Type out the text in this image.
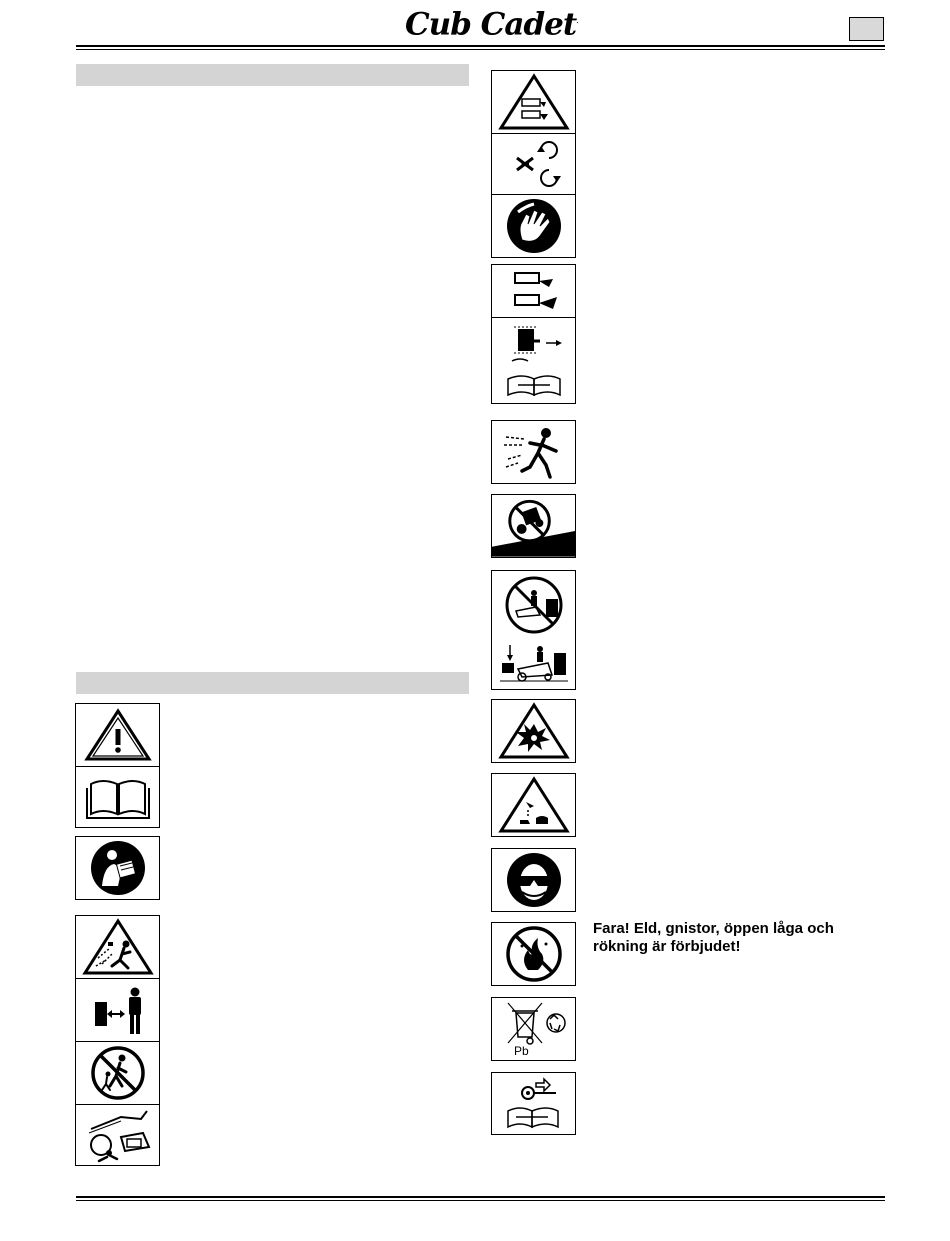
Cub Cadet.
Fara! Eld, gnistor, öppen låga och rökning är förbjudet!
Pb
